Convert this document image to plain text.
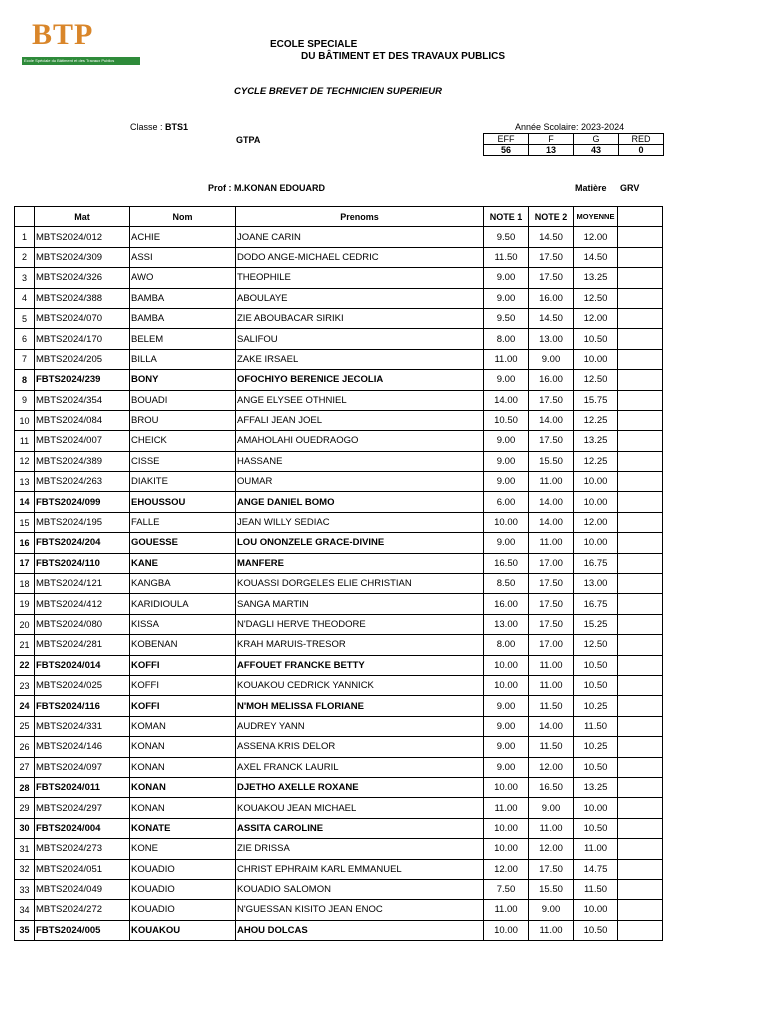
BTP
Ecole Spéciale du Bâtiment et des Travaux Publics
ECOLE SPECIALE
DU BÂTIMENT ET DES TRAVAUX PUBLICS
CYCLE BREVET DE TECHNICIEN SUPERIEUR
Classe : BTS1
GTPA
Année Scolaire: 2023-2024
EFF	F	G	RED
56	13	43	0
Prof : M.KONAN EDOUARD	Matière GRV
	Mat	Nom	Prenoms	NOTE 1	NOTE 2	MOYENNE	
1	MBTS2024/012	ACHIE	JOANE CARIN	9.50	14.50	12.00	
2	MBTS2024/309	ASSI	DODO ANGE-MICHAEL CEDRIC	11.50	17.50	14.50	
3	MBTS2024/326	AWO	THEOPHILE	9.00	17.50	13.25	
4	MBTS2024/388	BAMBA	ABOULAYE	9.00	16.00	12.50	
5	MBTS2024/070	BAMBA	ZIE ABOUBACAR SIRIKI	9.50	14.50	12.00	
6	MBTS2024/170	BELEM	SALIFOU	8.00	13.00	10.50	
7	MBTS2024/205	BILLA	ZAKE IRSAEL	11.00	9.00	10.00	
8	FBTS2024/239	BONY	OFOCHIYO BERENICE JECOLIA	9.00	16.00	12.50	
9	MBTS2024/354	BOUADI	ANGE ELYSEE OTHNIEL	14.00	17.50	15.75	
10	MBTS2024/084	BROU	AFFALI JEAN JOEL	10.50	14.00	12.25	
11	MBTS2024/007	CHEICK	AMAHOLAHI OUEDRAOGO	9.00	17.50	13.25	
12	MBTS2024/389	CISSE	HASSANE	9.00	15.50	12.25	
13	MBTS2024/263	DIAKITE	OUMAR	9.00	11.00	10.00	
14	FBTS2024/099	EHOUSSOU	ANGE DANIEL BOMO	6.00	14.00	10.00	
15	MBTS2024/195	FALLE	JEAN WILLY SEDIAC	10.00	14.00	12.00	
16	FBTS2024/204	GOUESSE	LOU ONONZELE GRACE-DIVINE	9.00	11.00	10.00	
17	FBTS2024/110	KANE	MANFERE	16.50	17.00	16.75	
18	MBTS2024/121	KANGBA	KOUASSI DORGELES ELIE CHRISTIAN	8.50	17.50	13.00	
19	MBTS2024/412	KARIDIOULA	SANGA MARTIN	16.00	17.50	16.75	
20	MBTS2024/080	KISSA	N'DAGLI HERVE THEODORE	13.00	17.50	15.25	
21	MBTS2024/281	KOBENAN	KRAH MARUIS-TRESOR	8.00	17.00	12.50	
22	FBTS2024/014	KOFFI	AFFOUET FRANCKE BETTY	10.00	11.00	10.50	
23	MBTS2024/025	KOFFI	KOUAKOU CEDRICK YANNICK	10.00	11.00	10.50	
24	FBTS2024/116	KOFFI	N'MOH MELISSA FLORIANE	9.00	11.50	10.25	
25	MBTS2024/331	KOMAN	AUDREY YANN	9.00	14.00	11.50	
26	MBTS2024/146	KONAN	ASSENA KRIS DELOR	9.00	11.50	10.25	
27	MBTS2024/097	KONAN	AXEL FRANCK LAURIL	9.00	12.00	10.50	
28	FBTS2024/011	KONAN	DJETHO AXELLE ROXANE	10.00	16.50	13.25	
29	MBTS2024/297	KONAN	KOUAKOU JEAN MICHAEL	11.00	9.00	10.00	
30	FBTS2024/004	KONATE	ASSITA CAROLINE	10.00	11.00	10.50	
31	MBTS2024/273	KONE	ZIE DRISSA	10.00	12.00	11.00	
32	MBTS2024/051	KOUADIO	CHRIST EPHRAIM KARL EMMANUEL	12.00	17.50	14.75	
33	MBTS2024/049	KOUADIO	KOUADIO SALOMON	7.50	15.50	11.50	
34	MBTS2024/272	KOUADIO	N'GUESSAN KISITO JEAN ENOC	11.00	9.00	10.00	
35	FBTS2024/005	KOUAKOU	AHOU DOLCAS	10.00	11.00	10.50	
